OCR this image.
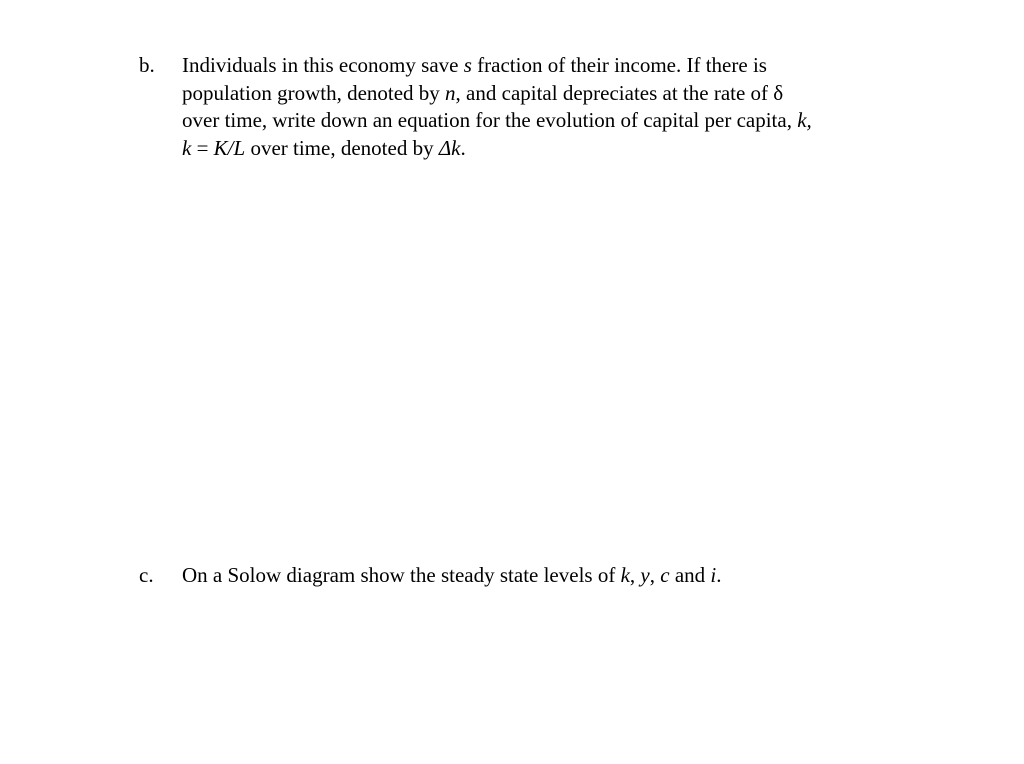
b. Individuals in this economy save s fraction of their income. If there is
population growth, denoted by n, and capital depreciates at the rate of δ
over time, write down an equation for the evolution of capital per capita, k,
k = K/L over time, denoted by Δk.
c. On a Solow diagram show the steady state levels of k, y, c and i.
